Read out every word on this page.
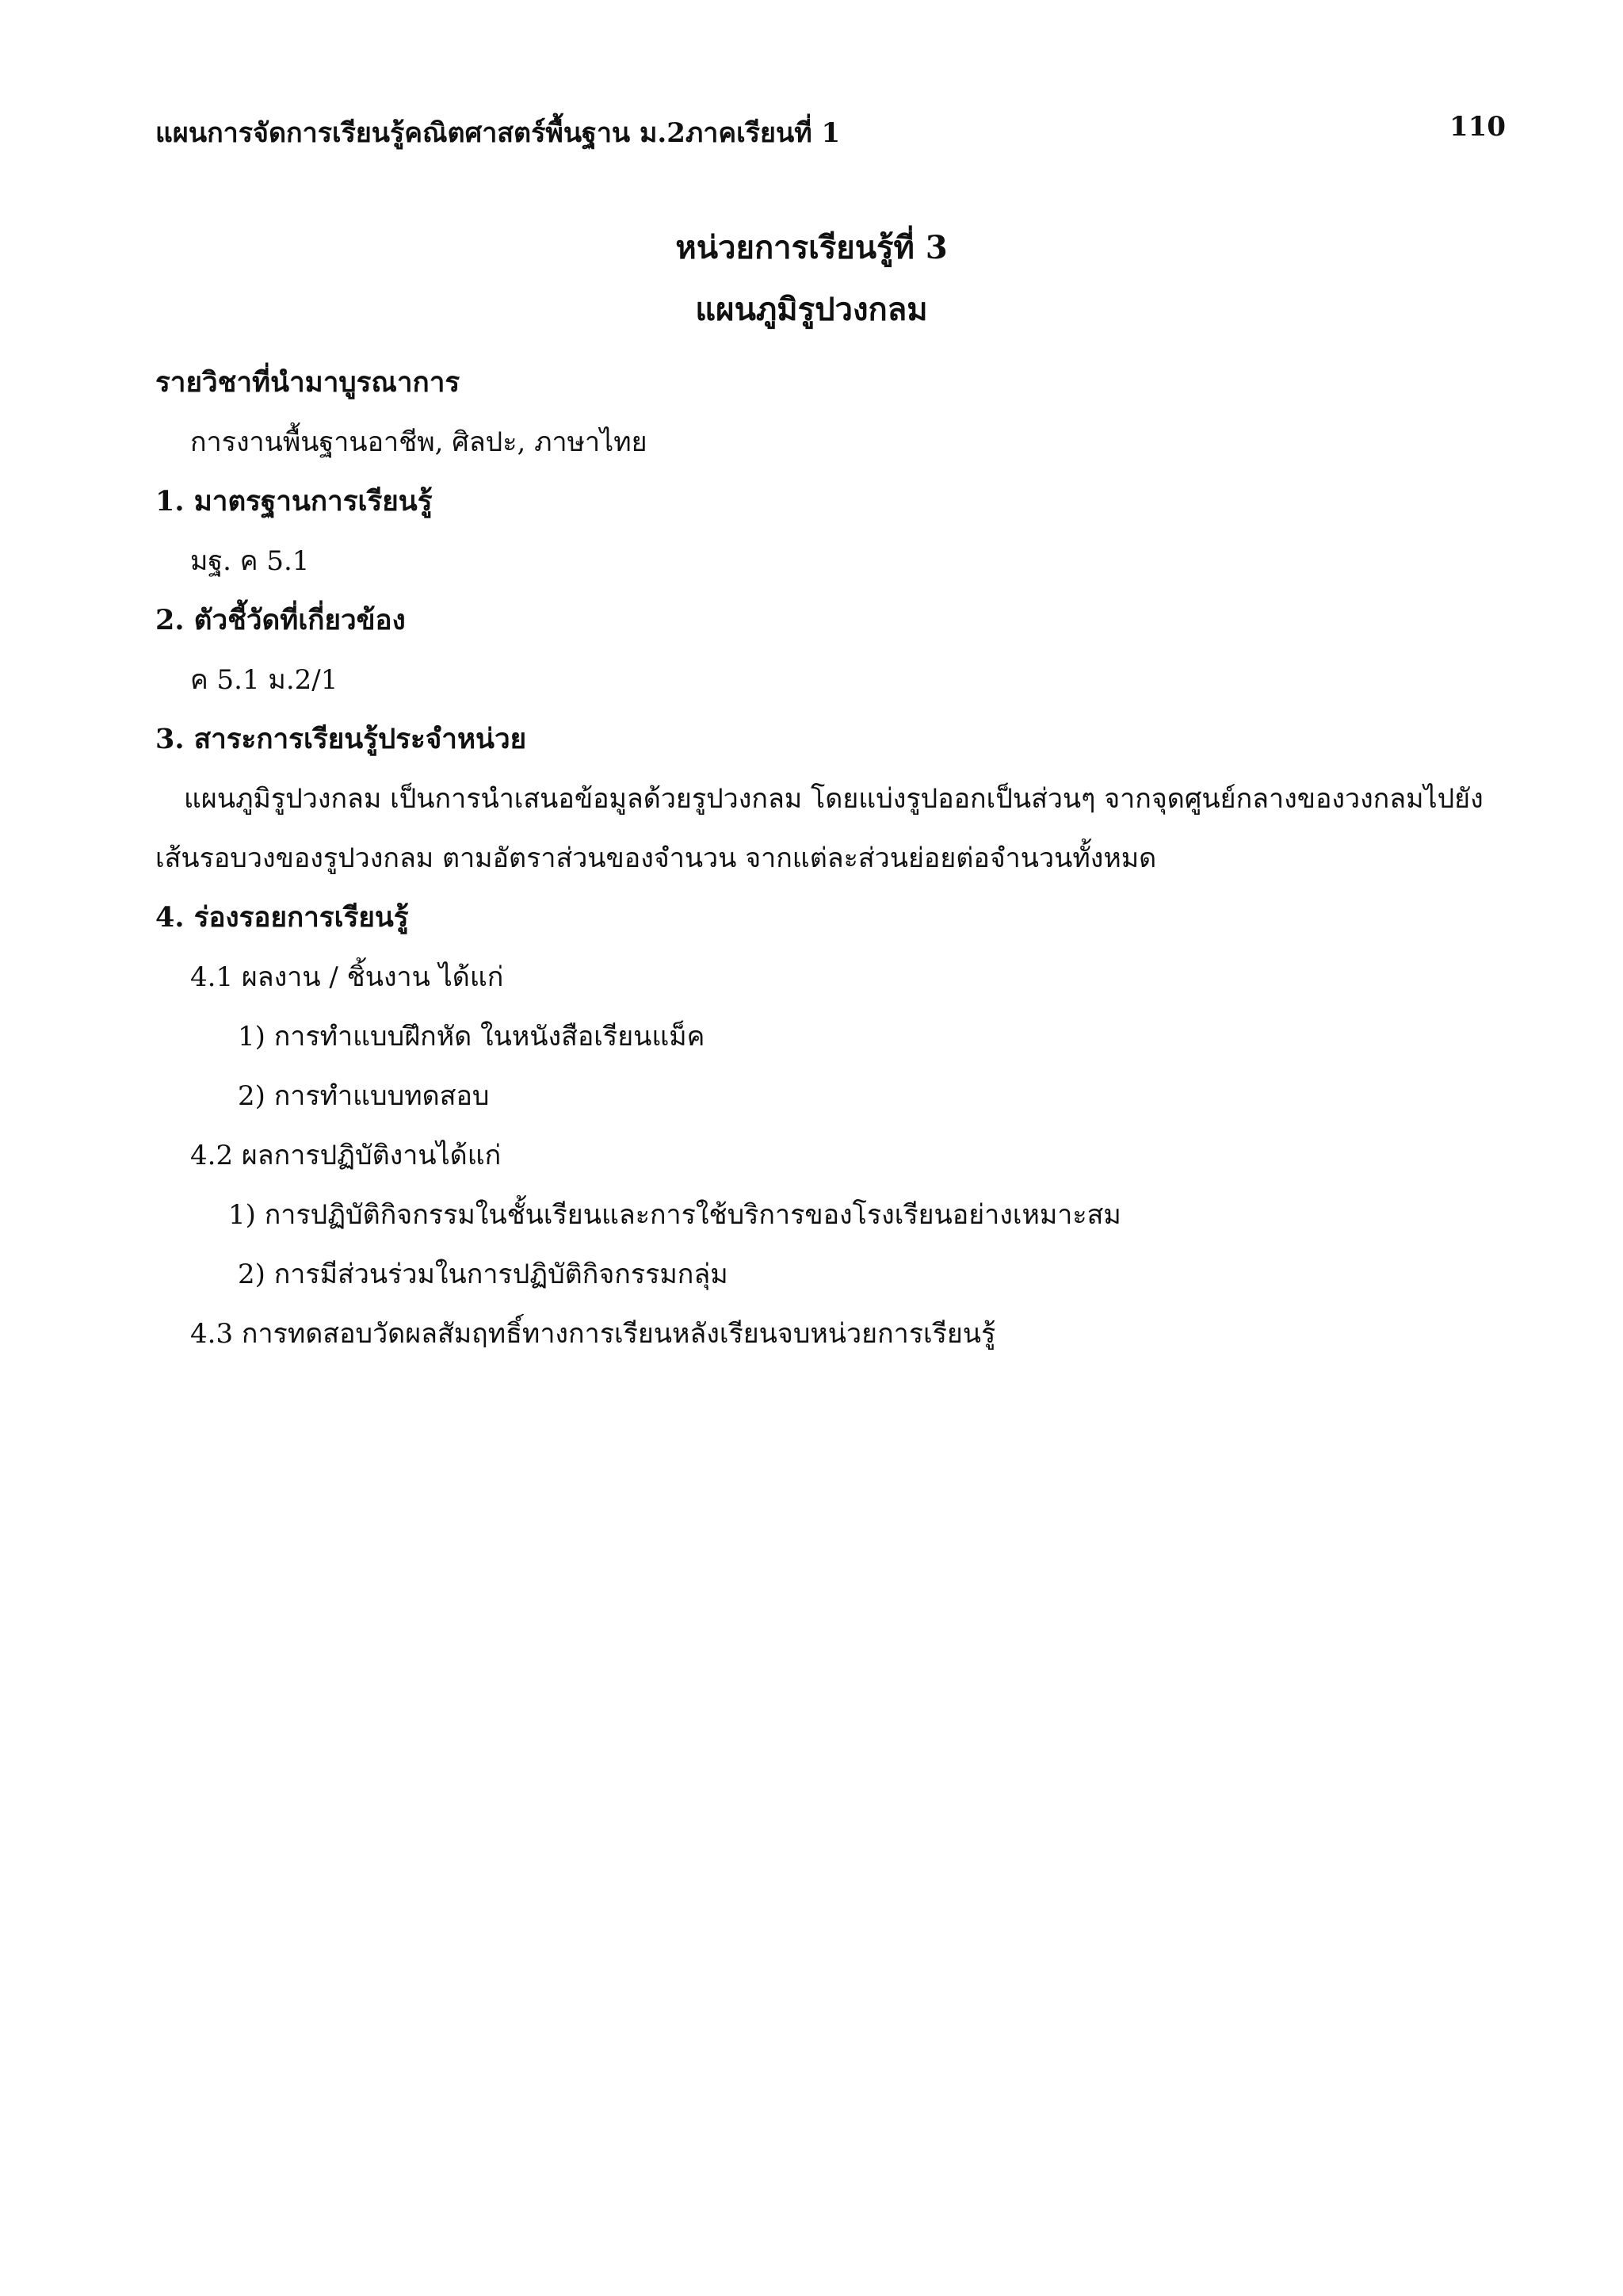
แผนการจัดการเรียนรู้คณิตศาสตร์พื้นฐาน ม.2ภาคเรียนที่ 1	110
หน่วยการเรียนรู้ที่ 3
แผนภูมิรูปวงกลม
รายวิชาที่นำมาบูรณาการ
การงานพื้นฐานอาชีพ, ศิลปะ, ภาษาไทย
1. มาตรฐานการเรียนรู้
มฐ. ค 5.1
2. ตัวชี้วัดที่เกี่ยวข้อง
ค 5.1 ม.2/1
3. สาระการเรียนรู้ประจำหน่วย
แผนภูมิรูปวงกลม เป็นการนำเสนอข้อมูลด้วยรูปวงกลม โดยแบ่งรูปออกเป็นส่วนๆ จากจุดศูนย์กลางของวงกลมไปยัง
เส้นรอบวงของรูปวงกลม ตามอัตราส่วนของจำนวน จากแต่ละส่วนย่อยต่อจำนวนทั้งหมด
4. ร่องรอยการเรียนรู้
4.1 ผลงาน / ชิ้นงาน ได้แก่
1) การทำแบบฝึกหัด ในหนังสือเรียนแม็ค
2) การทำแบบทดสอบ
4.2 ผลการปฏิบัติงานได้แก่
1) การปฏิบัติกิจกรรมในชั้นเรียนและการใช้บริการของโรงเรียนอย่างเหมาะสม
2) การมีส่วนร่วมในการปฏิบัติกิจกรรมกลุ่ม
4.3 การทดสอบวัดผลสัมฤทธิ์ทางการเรียนหลังเรียนจบหน่วยการเรียนรู้
